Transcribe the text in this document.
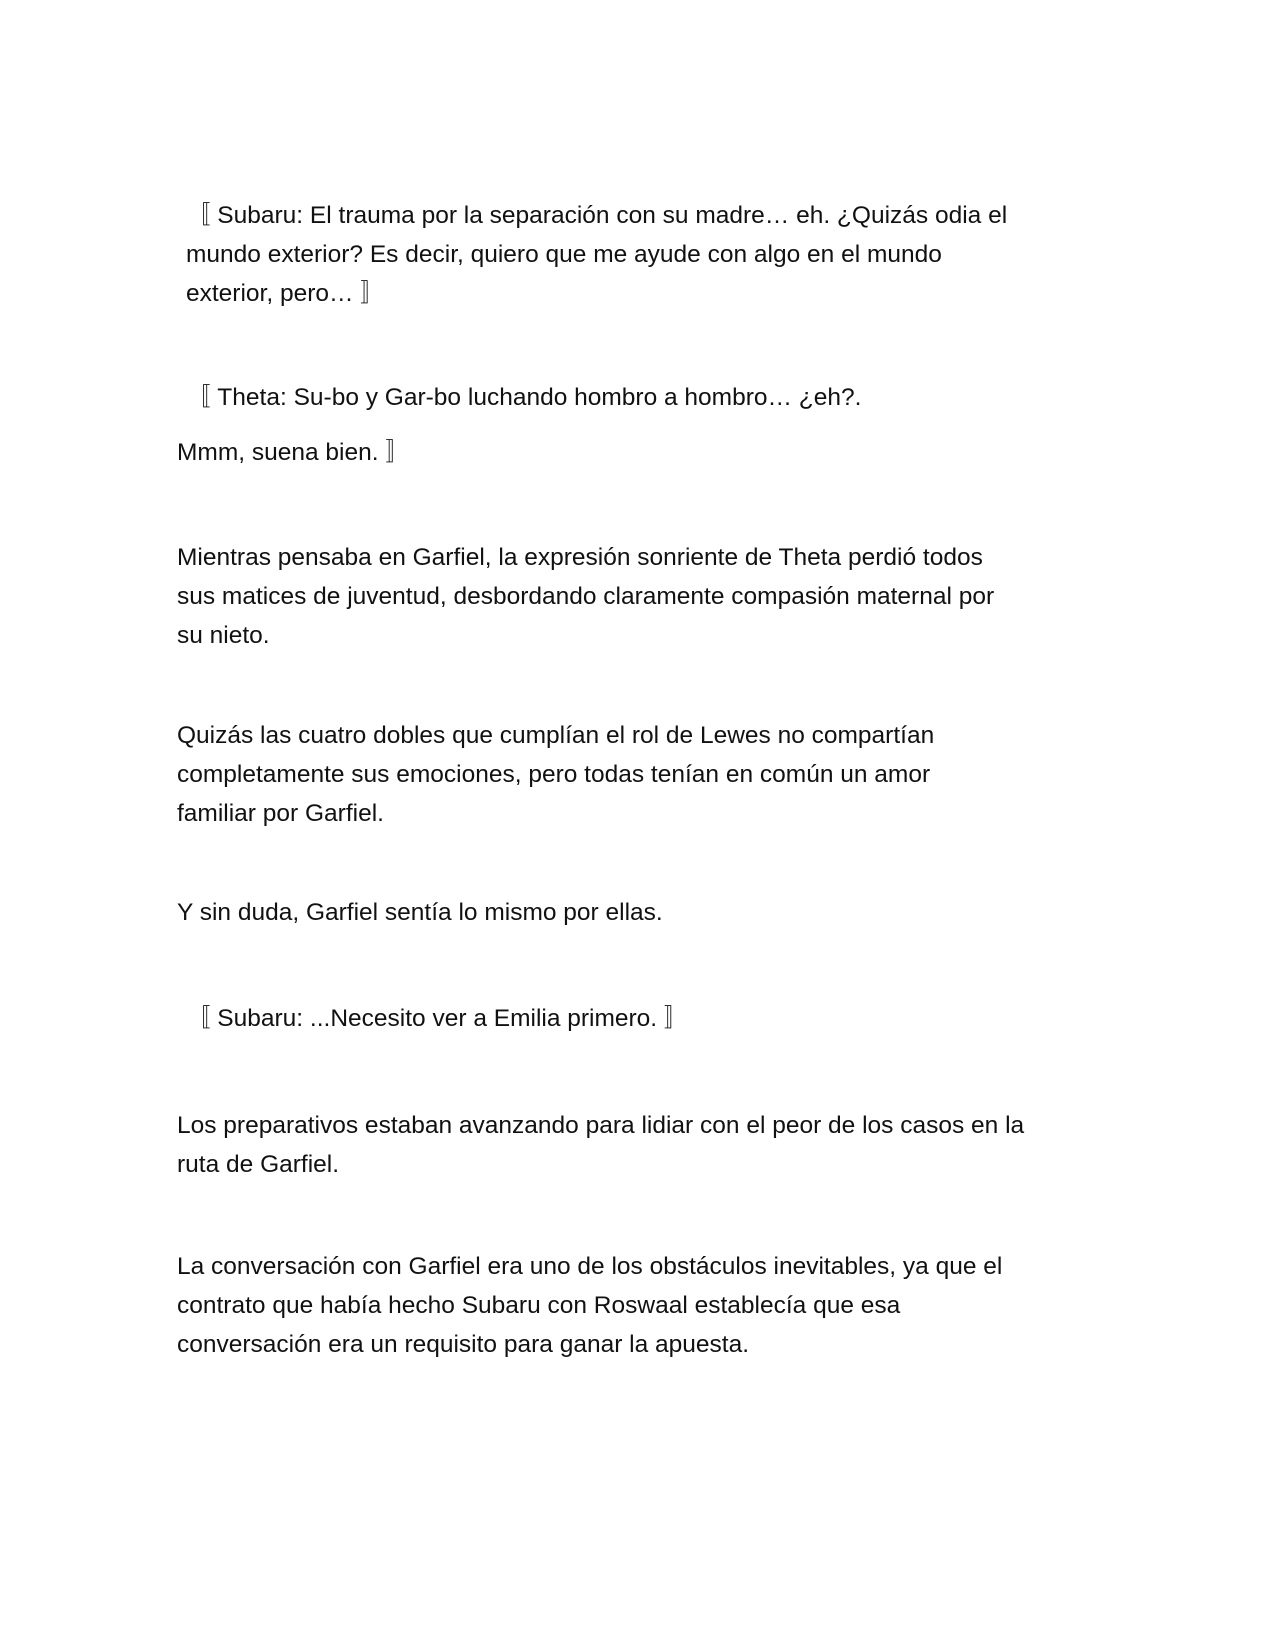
〚 Subaru: El trauma por la separación con su madre… eh. ¿Quizás odia el
mundo exterior? Es decir, quiero que me ayude con algo en el mundo
exterior, pero… 〛

〚 Theta: Su-bo y Gar-bo luchando hombro a hombro… ¿eh?.

Mmm, suena bien. 〛

Mientras pensaba en Garfiel, la expresión sonriente de Theta perdió todos
sus matices de juventud, desbordando claramente compasión maternal por
su nieto.

Quizás las cuatro dobles que cumplían el rol de Lewes no compartían
completamente sus emociones, pero todas tenían en común un amor
familiar por Garfiel.

Y sin duda, Garfiel sentía lo mismo por ellas.

〚 Subaru: ...Necesito ver a Emilia primero. 〛

Los preparativos estaban avanzando para lidiar con el peor de los casos en la
ruta de Garfiel.

La conversación con Garfiel era uno de los obstáculos inevitables, ya que el
contrato que había hecho Subaru con Roswaal establecía que esa
conversación era un requisito para ganar la apuesta.
